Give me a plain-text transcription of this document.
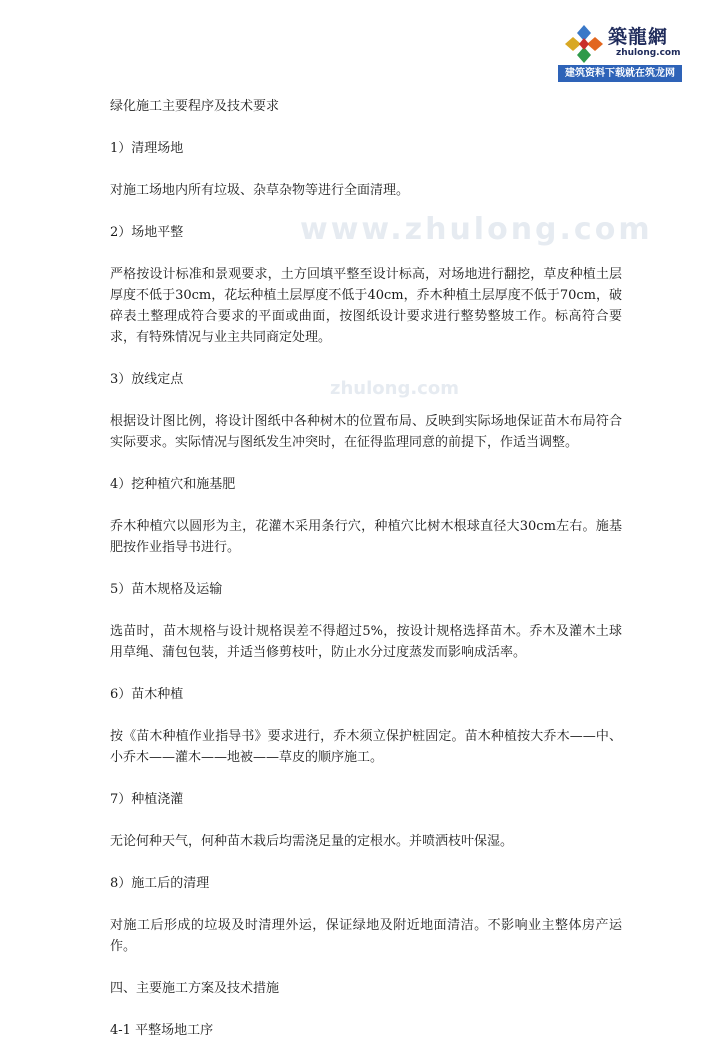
築龍網
zhulong.com
建筑资料下载就在筑龙网
www.zhulong.com
zhulong.com

绿化施工主要程序及技术要求

1）清理场地

对施工场地内所有垃圾、杂草杂物等进行全面清理。

2）场地平整

严格按设计标准和景观要求，土方回填平整至设计标高，对场地进行翻挖，草皮种植土层厚度不低于30cm，花坛种植土层厚度不低于40cm，乔木种植土层厚度不低于70cm，破碎表土整理成符合要求的平面或曲面，按图纸设计要求进行整势整坡工作。标高符合要求，有特殊情况与业主共同商定处理。

3）放线定点

根据设计图比例，将设计图纸中各种树木的位置布局、反映到实际场地保证苗木布局符合实际要求。实际情况与图纸发生冲突时，在征得监理同意的前提下，作适当调整。

4）挖种植穴和施基肥

乔木种植穴以圆形为主，花灌木采用条行穴，种植穴比树木根球直径大30cm左右。施基肥按作业指导书进行。

5）苗木规格及运输

选苗时，苗木规格与设计规格误差不得超过5%，按设计规格选择苗木。乔木及灌木土球用草绳、蒲包包装，并适当修剪枝叶，防止水分过度蒸发而影响成活率。

6）苗木种植

按《苗木种植作业指导书》要求进行，乔木须立保护桩固定。苗木种植按大乔木——中、小乔木——灌木——地被——草皮的顺序施工。

7）种植浇灌

无论何种天气，何种苗木栽后均需浇足量的定根水。并喷洒枝叶保湿。

8）施工后的清理

对施工后形成的垃圾及时清理外运，保证绿地及附近地面清洁。不影响业主整体房产运作。

四、主要施工方案及技术措施

4-1 平整场地工序
